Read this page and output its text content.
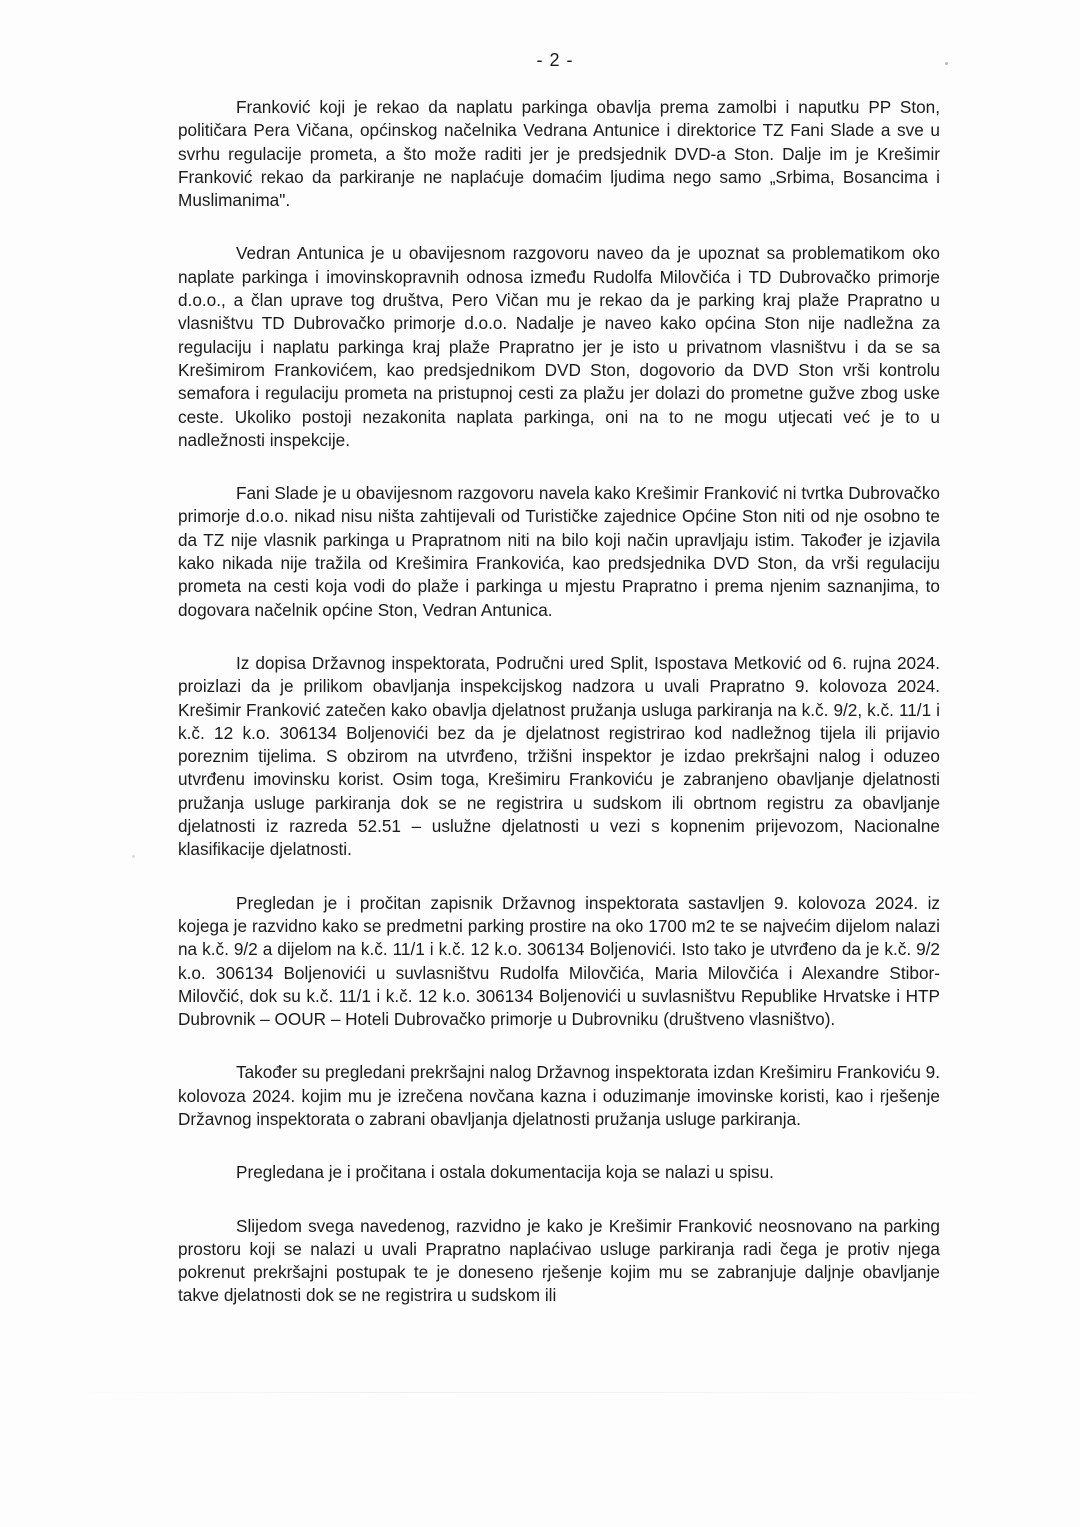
- 2 -

Franković koji je rekao da naplatu parkinga obavlja prema zamolbi i naputku PP Ston, političara Pera Vičana, općinskog načelnika Vedrana Antunice i direktorice TZ Fani Slade a sve u svrhu regulacije prometa, a što može raditi jer je predsjednik DVD-a Ston. Dalje im je Krešimir Franković rekao da parkiranje ne naplaćuje domaćim ljudima nego samo „Srbima, Bosancima i Muslimanima".

Vedran Antunica je u obavijesnom razgovoru naveo da je upoznat sa problematikom oko naplate parkinga i imovinskopravnih odnosa između Rudolfa Milovčića i TD Dubrovačko primorje d.o.o., a član uprave tog društva, Pero Vičan mu je rekao da je parking kraj plaže Prapratno u vlasništvu TD Dubrovačko primorje d.o.o. Nadalje je naveo kako općina Ston nije nadležna za regulaciju i naplatu parkinga kraj plaže Prapratno jer je isto u privatnom vlasništvu i da se sa Krešimirom Frankovićem, kao predsjednikom DVD Ston, dogovorio da DVD Ston vrši kontrolu semafora i regulaciju prometa na pristupnoj cesti za plažu jer dolazi do prometne gužve zbog uske ceste. Ukoliko postoji nezakonita naplata parkinga, oni na to ne mogu utjecati već je to u nadležnosti inspekcije.

Fani Slade je u obavijesnom razgovoru navela kako Krešimir Franković ni tvrtka Dubrovačko primorje d.o.o. nikad nisu ništa zahtijevali od Turističke zajednice Općine Ston niti od nje osobno te da TZ nije vlasnik parkinga u Prapratnom niti na bilo koji način upravljaju istim. Također je izjavila kako nikada nije tražila od Krešimira Frankovića, kao predsjednika DVD Ston, da vrši regulaciju prometa na cesti koja vodi do plaže i parkinga u mjestu Prapratno i prema njenim saznanjima, to dogovara načelnik općine Ston, Vedran Antunica.

Iz dopisa Državnog inspektorata, Područni ured Split, Ispostava Metković od 6. rujna 2024. proizlazi da je prilikom obavljanja inspekcijskog nadzora u uvali Prapratno 9. kolovoza 2024. Krešimir Franković zatečen kako obavlja djelatnost pružanja usluga parkiranja na k.č. 9/2, k.č. 11/1 i k.č. 12 k.o. 306134 Boljenovići bez da je djelatnost registrirao kod nadležnog tijela ili prijavio poreznim tijelima. S obzirom na utvrđeno, tržišni inspektor je izdao prekršajni nalog i oduzeo utvrđenu imovinsku korist. Osim toga, Krešimiru Frankoviću je zabranjeno obavljanje djelatnosti pružanja usluge parkiranja dok se ne registrira u sudskom ili obrtnom registru za obavljanje djelatnosti iz razreda 52.51 – uslužne djelatnosti u vezi s kopnenim prijevozom, Nacionalne klasifikacije djelatnosti.

Pregledan je i pročitan zapisnik Državnog inspektorata sastavljen 9. kolovoza 2024. iz kojega je razvidno kako se predmetni parking prostire na oko 1700 m2 te se najvećim dijelom nalazi na k.č. 9/2 a dijelom na k.č. 11/1 i k.č. 12 k.o. 306134 Boljenovići. Isto tako je utvrđeno da je k.č. 9/2 k.o. 306134 Boljenovići u suvlasništvu Rudolfa Milovčića, Maria Milovčića i Alexandre Stibor-Milovčić, dok su k.č. 11/1 i k.č. 12 k.o. 306134 Boljenovići u suvlasništvu Republike Hrvatske i HTP Dubrovnik – OOUR – Hoteli Dubrovačko primorje u Dubrovniku (društveno vlasništvo).

Također su pregledani prekršajni nalog Državnog inspektorata izdan Krešimiru Frankoviću 9. kolovoza 2024. kojim mu je izrečena novčana kazna i oduzimanje imovinske koristi, kao i rješenje Državnog inspektorata o zabrani obavljanja djelatnosti pružanja usluge parkiranja.

Pregledana je i pročitana i ostala dokumentacija koja se nalazi u spisu.

Slijedom svega navedenog, razvidno je kako je Krešimir Franković neosnovano na parking prostoru koji se nalazi u uvali Prapratno naplaćivao usluge parkiranja radi čega je protiv njega pokrenut prekršajni postupak te je doneseno rješenje kojim mu se zabranjuje daljnje obavljanje takve djelatnosti dok se ne registrira u sudskom ili
